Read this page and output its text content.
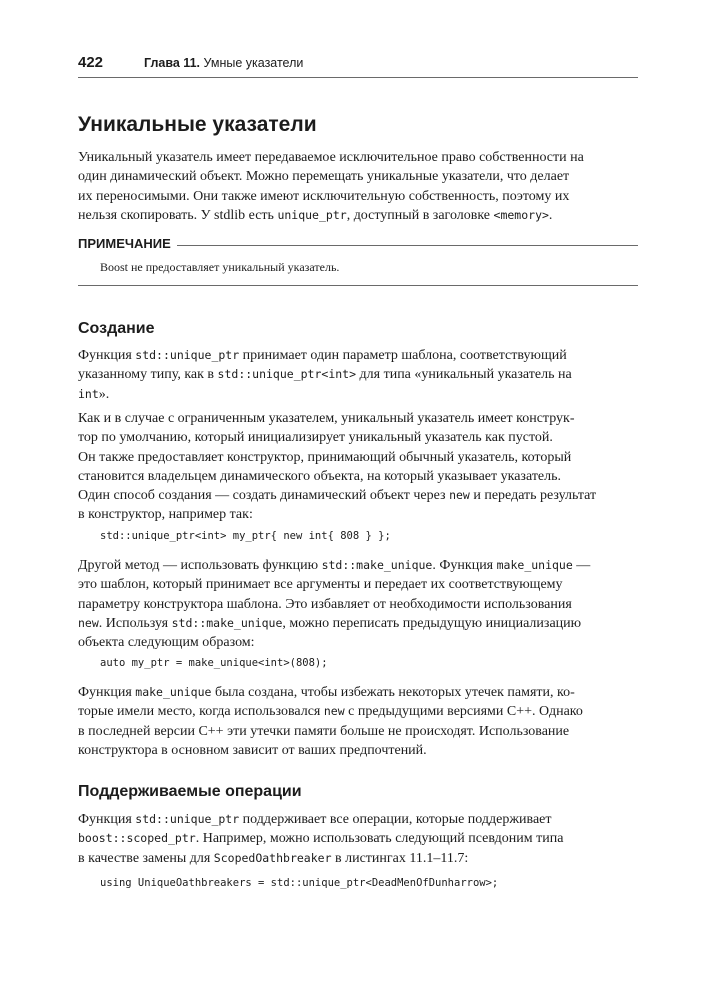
422	Глава 11. Умные указатели
Уникальные указатели

Уникальный указатель имеет передаваемое исключительное право собственности на
один динамический объект. Можно перемещать уникальные указатели, что делает
их переносимыми. Они также имеют исключительную собственность, поэтому их
нельзя скопировать. У stdlib есть unique_ptr, доступный в заголовке <memory>.

ПРИМЕЧАНИЕ

Boost не предоставляет уникальный указатель.

Создание

Функция std::unique_ptr принимает один параметр шаблона, соответствующий
указанному типу, как в std::unique_ptr<int> для типа «уникальный указатель на
int».

Как и в случае с ограниченным указателем, уникальный указатель имеет конструк-
тор по умолчанию, который инициализирует уникальный указатель как пустой.
Он также предоставляет конструктор, принимающий обычный указатель, который
становится владельцем динамического объекта, на который указывает указатель.
Один способ создания — создать динамический объект через new и передать результат
в конструктор, например так:

std::unique_ptr<int> my_ptr{ new int{ 808 } };

Другой метод — использовать функцию std::make_unique. Функция make_unique —
это шаблон, который принимает все аргументы и передает их соответствующему
параметру конструктора шаблона. Это избавляет от необходимости использования
new. Используя std::make_unique, можно переписать предыдущую инициализацию
объекта следующим образом:

auto my_ptr = make_unique<int>(808);

Функция make_unique была создана, чтобы избежать некоторых утечек памяти, ко-
торые имели место, когда использовался new с предыдущими версиями C++. Однако
в последней версии C++ эти утечки памяти больше не происходят. Использование
конструктора в основном зависит от ваших предпочтений.

Поддерживаемые операции

Функция std::unique_ptr поддерживает все операции, которые поддерживает
boost::scoped_ptr. Например, можно использовать следующий псевдоним типа
в качестве замены для ScopedOathbreaker в листингах 11.1–11.7:

using UniqueOathbreakers = std::unique_ptr<DeadMenOfDunharrow>;
